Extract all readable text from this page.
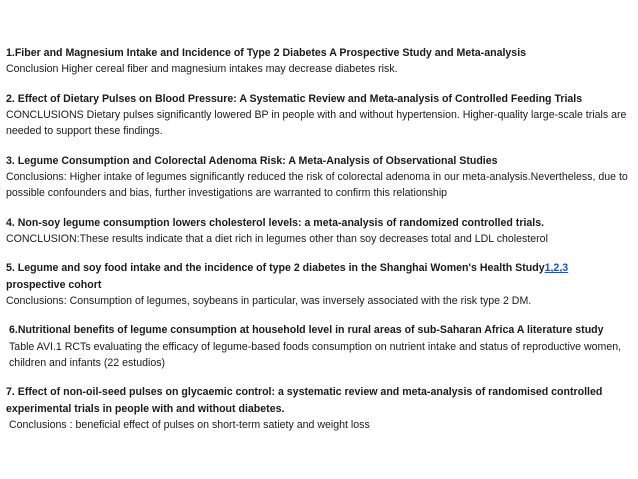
1.Fiber and Magnesium Intake and Incidence of Type 2 Diabetes A Prospective Study and Meta-analysis
Conclusion Higher cereal fiber and magnesium intakes may decrease diabetes risk.
2. Effect of Dietary Pulses on Blood Pressure: A Systematic Review and Meta-analysis of Controlled Feeding Trials
CONCLUSIONS Dietary pulses significantly lowered BP in people with and without hypertension. Higher-quality large-scale trials are needed to support these findings.
3. Legume Consumption and Colorectal Adenoma Risk: A Meta-Analysis of Observational Studies
Conclusions: Higher intake of legumes significantly reduced the risk of colorectal adenoma in our meta-analysis.Nevertheless, due to possible confounders and bias, further investigations are warranted to confirm this relationship
4. Non-soy legume consumption lowers cholesterol levels: a meta-analysis of randomized controlled trials.
CONCLUSION:These results indicate that a diet rich in legumes other than soy decreases total and LDL cholesterol
5. Legume and soy food intake and the incidence of type 2 diabetes in the Shanghai Women's Health Study1,2,3
prospective cohort
Conclusions: Consumption of legumes, soybeans in particular, was inversely associated with the risk type 2 DM.
6.Nutritional benefits of legume consumption at household level in rural areas of sub-Saharan Africa A literature study
Table AVI.1 RCTs evaluating the efficacy of legume-based foods consumption on nutrient intake and status of reproductive women, children and infants (22 estudios)
7. Effect of non-oil-seed pulses on glycaemic control: a systematic review and meta-analysis of randomised controlled experimental trials in people with and without diabetes.
Conclusions : beneficial effect of pulses on short-term satiety and weight loss
